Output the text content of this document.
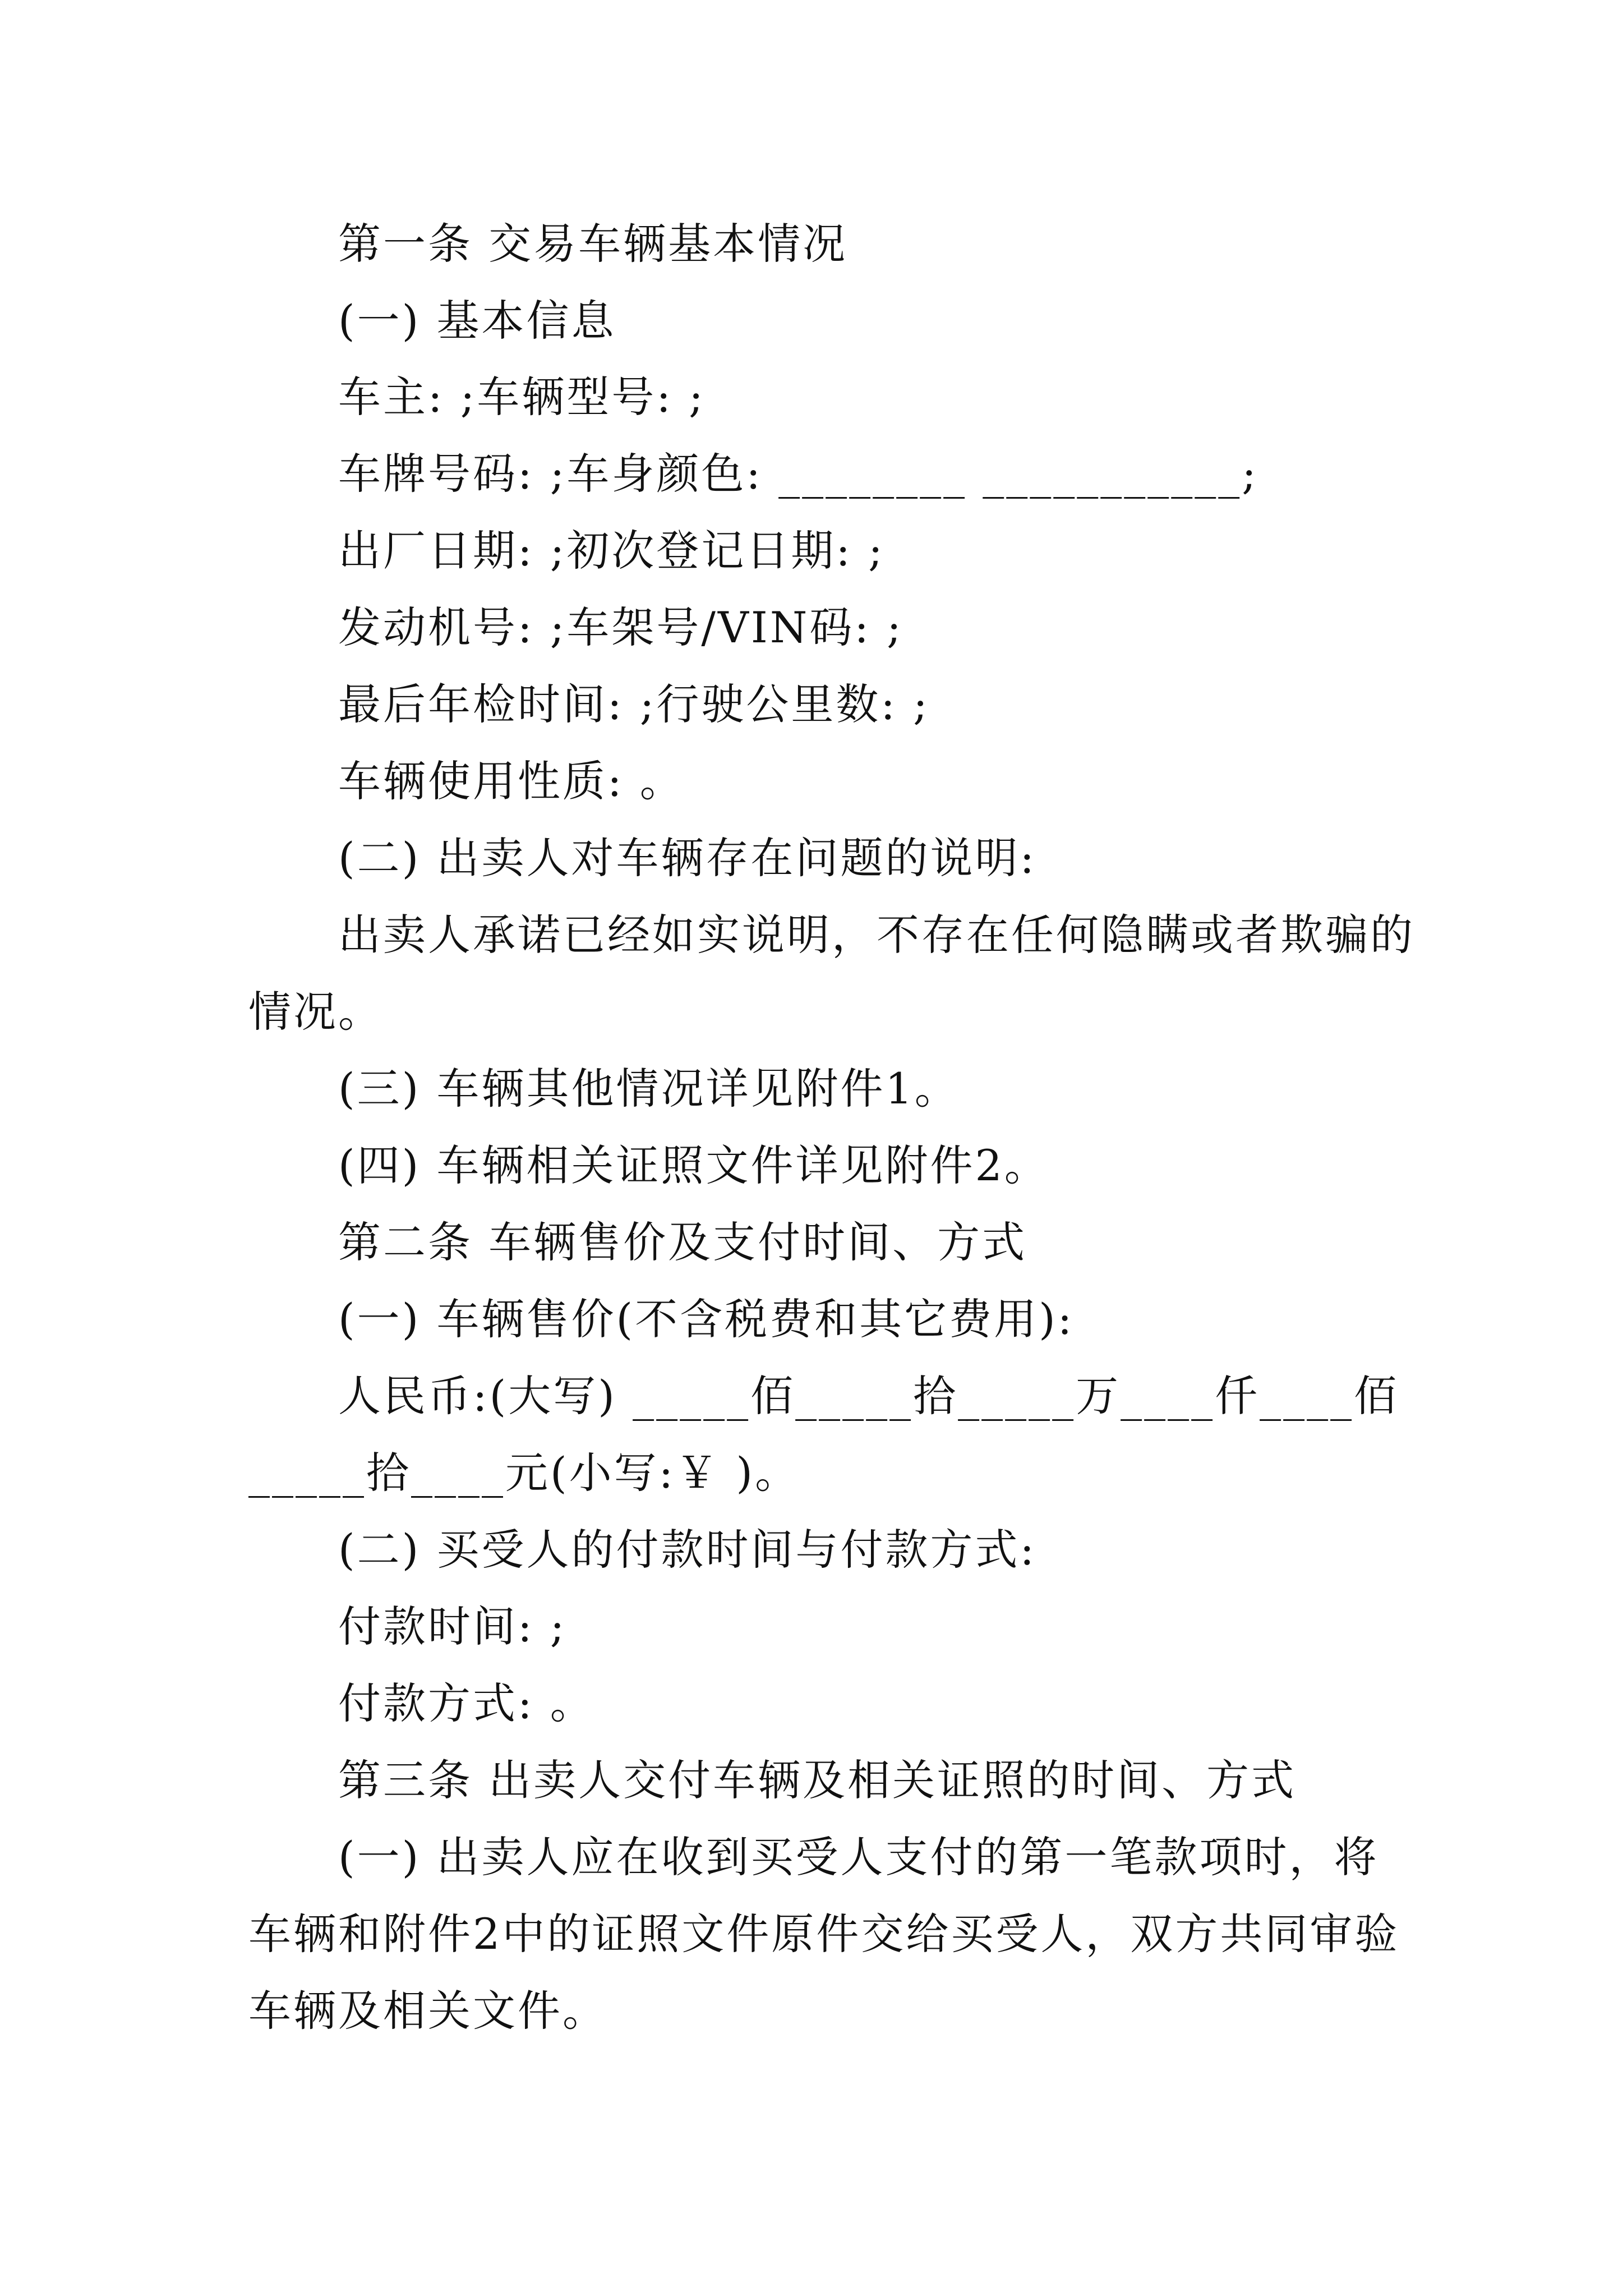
第一条 交易车辆基本情况
(一) 基本信息
车主: ;车辆型号: ;
车牌号码: ;车身颜色: ________ ___________;
出厂日期: ;初次登记日期: ;
发动机号: ;车架号/VIN码: ;
最后年检时间: ;行驶公里数: ;
车辆使用性质: 。
(二) 出卖人对车辆存在问题的说明:
出卖人承诺已经如实说明，不存在任何隐瞒或者欺骗的
情况。
(三) 车辆其他情况详见附件1。
(四) 车辆相关证照文件详见附件2。
第二条 车辆售价及支付时间、方式
(一) 车辆售价(不含税费和其它费用):
人民币:(大写) _____佰_____拾_____万____仟____佰
_____拾____元(小写:￥ )。
(二) 买受人的付款时间与付款方式:
付款时间: ;
付款方式: 。
第三条 出卖人交付车辆及相关证照的时间、方式
(一) 出卖人应在收到买受人支付的第一笔款项时，将
车辆和附件2中的证照文件原件交给买受人，双方共同审验
车辆及相关文件。
